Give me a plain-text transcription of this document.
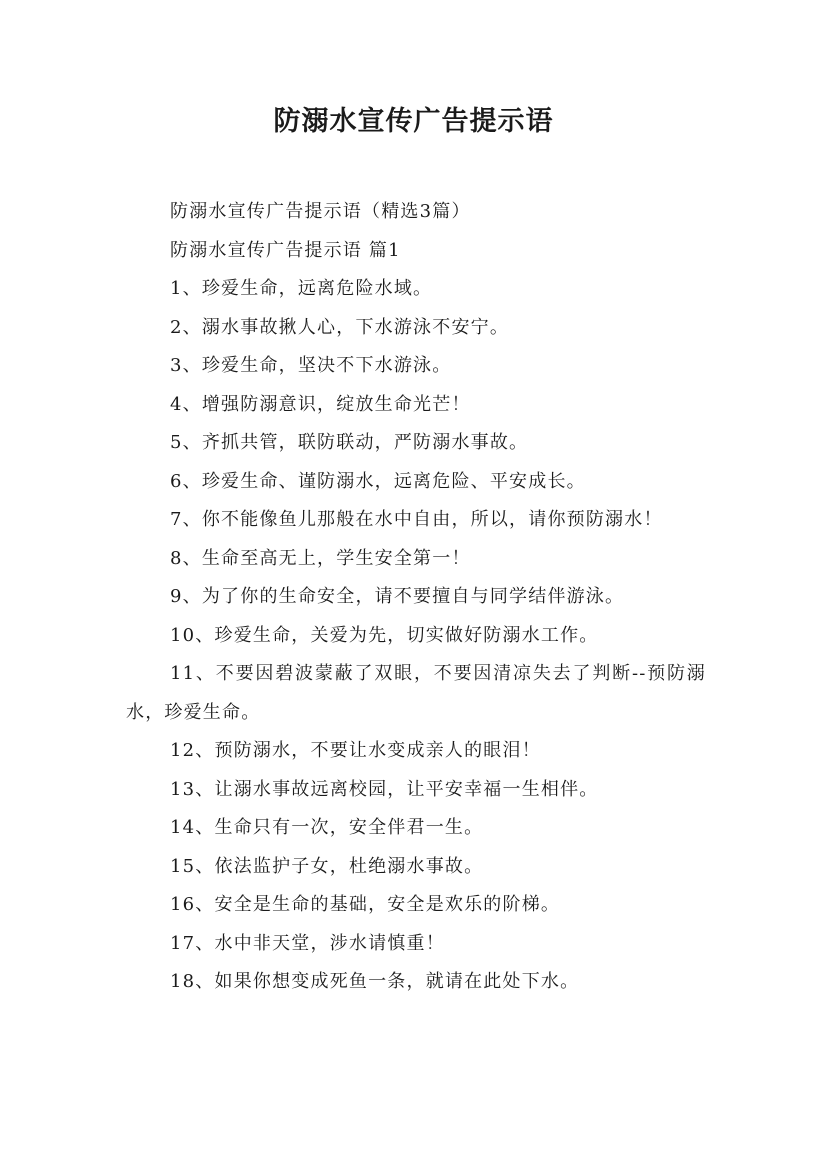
防溺水宣传广告提示语

防溺水宣传广告提示语（精选3篇）

防溺水宣传广告提示语 篇1

1、珍爱生命，远离危险水域。

2、溺水事故揪人心，下水游泳不安宁。

3、珍爱生命，坚决不下水游泳。

4、增强防溺意识，绽放生命光芒！

5、齐抓共管，联防联动，严防溺水事故。

6、珍爱生命、谨防溺水，远离危险、平安成长。

7、你不能像鱼儿那般在水中自由，所以，请你预防溺水！

8、生命至高无上，学生安全第一！

9、为了你的生命安全，请不要擅自与同学结伴游泳。

10、珍爱生命，关爱为先，切实做好防溺水工作。

11、不要因碧波蒙蔽了双眼，不要因清凉失去了判断--预防溺水，珍爱生命。

12、预防溺水，不要让水变成亲人的眼泪！

13、让溺水事故远离校园，让平安幸福一生相伴。

14、生命只有一次，安全伴君一生。

15、依法监护子女，杜绝溺水事故。

16、安全是生命的基础，安全是欢乐的阶梯。

17、水中非天堂，涉水请慎重！

18、如果你想变成死鱼一条，就请在此处下水。
